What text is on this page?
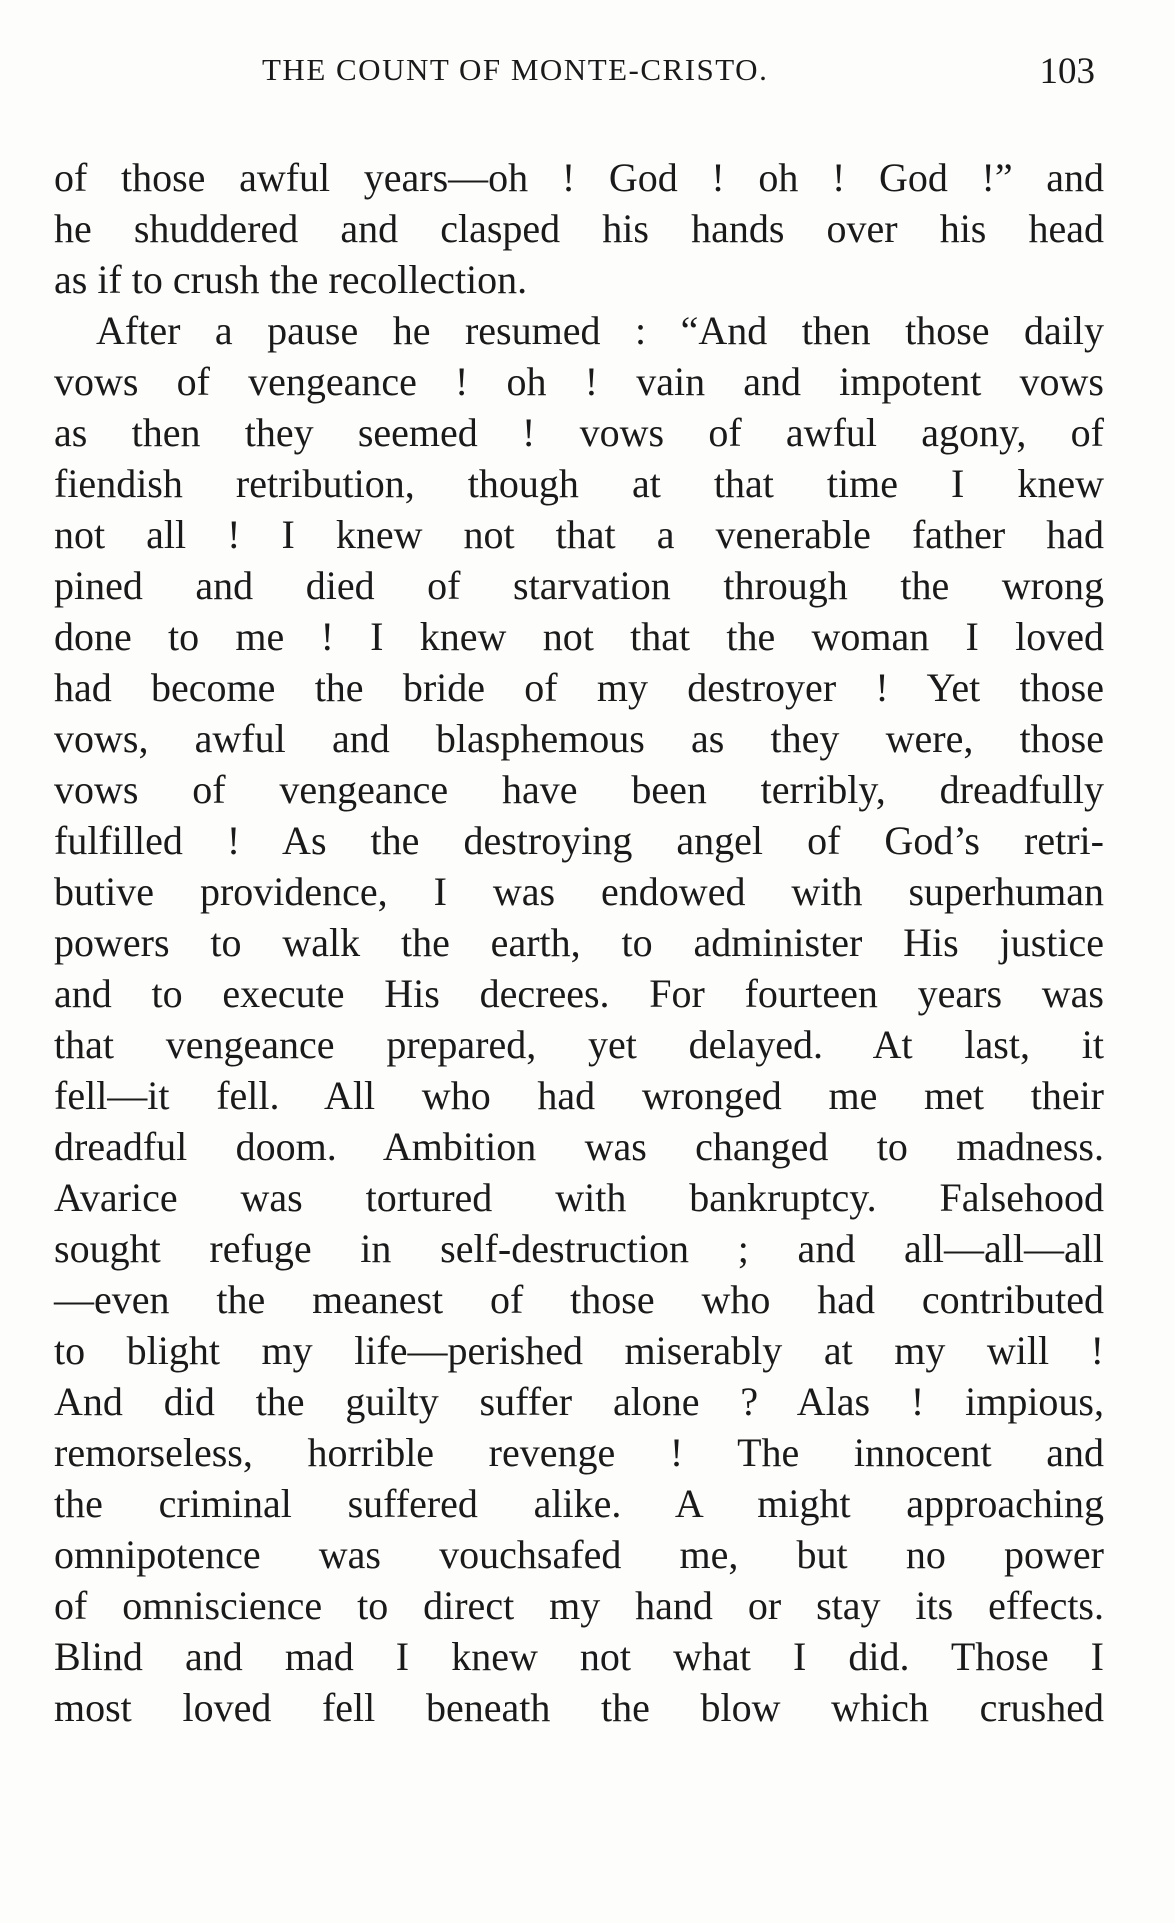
THE COUNT OF MONTE-CRISTO.	103
of those awful years—oh ! God ! oh ! God !” and
he shuddered and clasped his hands over his head
as if to crush the recollection.
After a pause he resumed : “And then those daily
vows of vengeance ! oh ! vain and impotent vows
as then they seemed ! vows of awful agony, of
fiendish retribution, though at that time I knew
not all ! I knew not that a venerable father had
pined and died of starvation through the wrong
done to me ! I knew not that the woman I loved
had become the bride of my destroyer ! Yet those
vows, awful and blasphemous as they were, those
vows of vengeance have been terribly, dreadfully
fulfilled ! As the destroying angel of God’s retri-
butive providence, I was endowed with superhuman
powers to walk the earth, to administer His justice
and to execute His decrees. For fourteen years was
that vengeance prepared, yet delayed. At last, it
fell—it fell. All who had wronged me met their
dreadful doom. Ambition was changed to madness.
Avarice was tortured with bankruptcy. Falsehood
sought refuge in self-destruction ; and all—all—all
—even the meanest of those who had contributed
to blight my life—perished miserably at my will !
And did the guilty suffer alone ? Alas ! impious,
remorseless, horrible revenge ! The innocent and
the criminal suffered alike. A might approaching
omnipotence was vouchsafed me, but no power
of omniscience to direct my hand or stay its effects.
Blind and mad I knew not what I did. Those I
most loved fell beneath the blow which crushed
